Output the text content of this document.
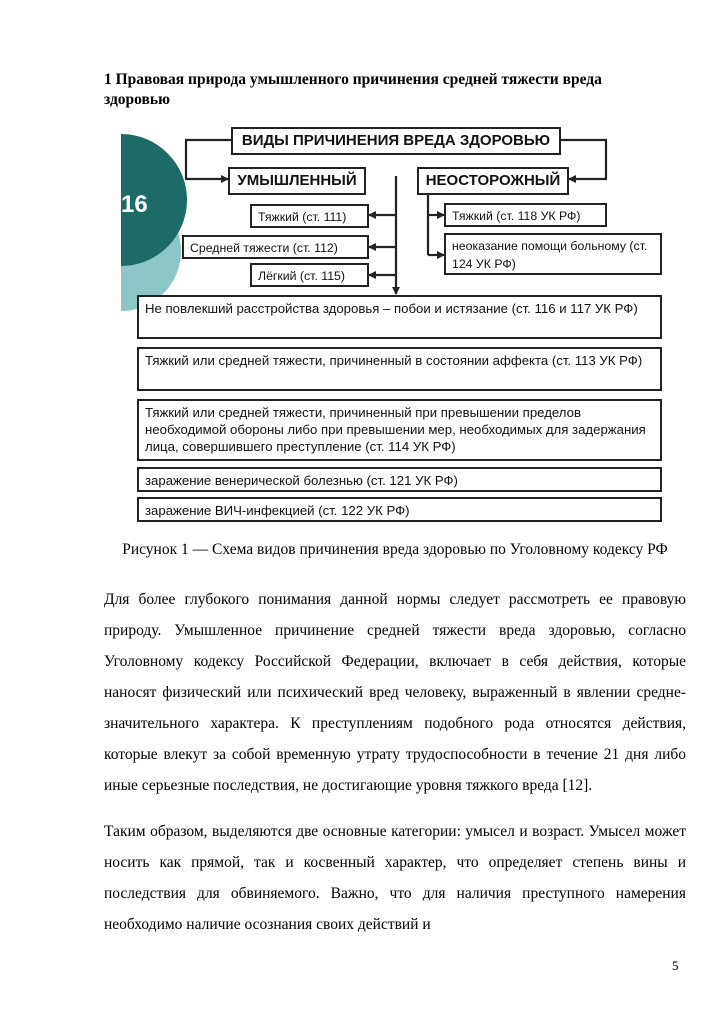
1 Правовая природа умышленного причинения средней тяжести вреда здоровью
16
ВИДЫ ПРИЧИНЕНИЯ ВРЕДА ЗДОРОВЬЮ
УМЫШЛЕННЫЙ	НЕОСТОРОЖНЫЙ
Тяжкий (ст. 111)
Средней тяжести (ст. 112)
Лёгкий (ст. 115)
Тяжкий (ст. 118 УК РФ)
неоказание помощи больному (ст. 124 УК РФ)
Не повлекший расстройства здоровья – побои и истязание (ст. 116 и 117 УК РФ)
Тяжкий или средней тяжести, причиненный в состоянии аффекта (ст. 113 УК РФ)
Тяжкий или средней тяжести, причиненный при превышении пределов необходимой обороны либо при превышении мер, необходимых для задержания лица, совершившего преступление (ст. 114 УК РФ)
заражение венерической болезнью (ст. 121 УК РФ)
заражение ВИЧ-инфекцией (ст. 122 УК РФ)
Рисунок 1 — Схема видов причинения вреда здоровью по Уголовному кодексу РФ

Для более глубокого понимания данной нормы следует рассмотреть ее правовую природу. Умышленное причинение средней тяжести вреда здоровью, согласно Уголовному кодексу Российской Федерации, включает в себя действия, которые наносят физический или психический вред человеку, выраженный в явлении средне-значительного характера. К преступлениям подобного рода относятся действия, которые влекут за собой временную утрату трудоспособности в течение 21 дня либо иные серьезные последствия, не достигающие уровня тяжкого вреда [12].

Таким образом, выделяются две основные категории: умысел и возраст. Умысел может носить как прямой, так и косвенный характер, что определяет степень вины и последствия для обвиняемого. Важно, что для наличия преступного намерения необходимо наличие осознания своих действий и

5
